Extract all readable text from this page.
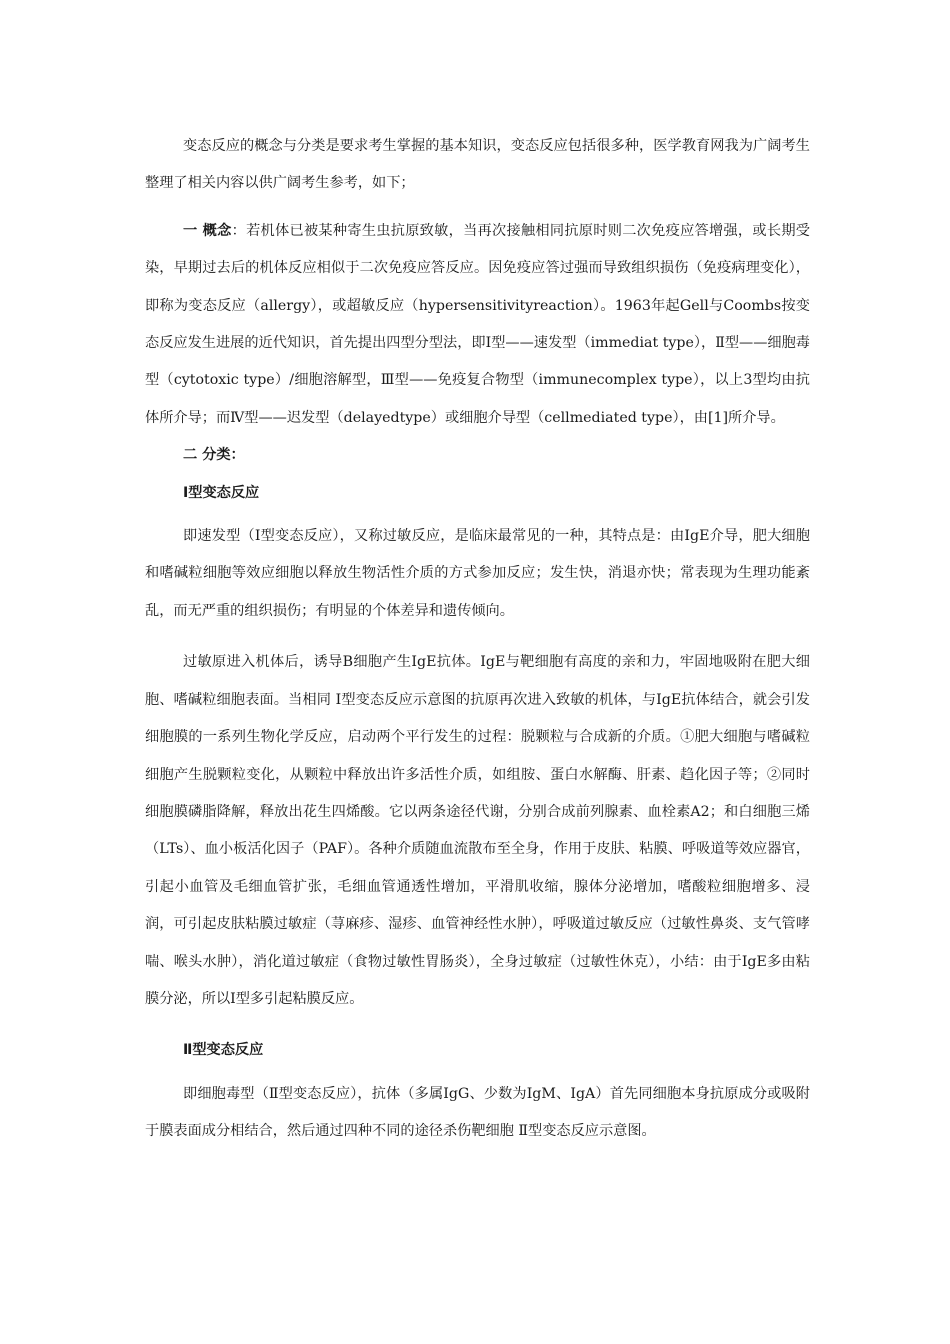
变态反应的概念与分类是要求考生掌握的基本知识，变态反应包括很多种，医学教育网我为广阔考生整理了相关内容以供广阔考生参考，如下；

一 概念：若机体已被某种寄生虫抗原致敏，当再次接触相同抗原时则二次免疫应答增强，或长期受染，早期过去后的机体反应相似于二次免疫应答反应。因免疫应答过强而导致组织损伤（免疫病理变化），即称为变态反应（allergy），或超敏反应（hypersensitivityreaction）。1963年起Gell与Coombs按变态反应发生进展的近代知识，首先提出四型分型法，即Ⅰ型——速发型（immediat type），Ⅱ型——细胞毒型（cytotoxic type）/细胞溶解型，Ⅲ型——免疫复合物型（immunecomplex type），以上3型均由抗体所介导；而Ⅳ型——迟发型（delayedtype）或细胞介导型（cellmediated type），由[1]所介导。

二 分类：

Ⅰ型变态反应

即速发型（Ⅰ型变态反应），又称过敏反应，是临床最常见的一种，其特点是：由IgE介导，肥大细胞和嗜碱粒细胞等效应细胞以释放生物活性介质的方式参加反应；发生快，消退亦快；常表现为生理功能紊乱，而无严重的组织损伤；有明显的个体差异和遗传倾向。

过敏原进入机体后，诱导B细胞产生IgE抗体。IgE与靶细胞有高度的亲和力，牢固地吸附在肥大细胞、嗜碱粒细胞表面。当相同 Ⅰ型变态反应示意图的抗原再次进入致敏的机体，与IgE抗体结合，就会引发细胞膜的一系列生物化学反应，启动两个平行发生的过程：脱颗粒与合成新的介质。①肥大细胞与嗜碱粒细胞产生脱颗粒变化，从颗粒中释放出许多活性介质，如组胺、蛋白水解酶、肝素、趋化因子等；②同时细胞膜磷脂降解，释放出花生四烯酸。它以两条途径代谢，分别合成前列腺素、血栓素A2；和白细胞三烯（LTs）、血小板活化因子（PAF）。各种介质随血流散布至全身，作用于皮肤、粘膜、呼吸道等效应器官，引起小血管及毛细血管扩张，毛细血管通透性增加，平滑肌收缩，腺体分泌增加，嗜酸粒细胞增多、浸润，可引起皮肤粘膜过敏症（荨麻疹、湿疹、血管神经性水肿），呼吸道过敏反应（过敏性鼻炎、支气管哮喘、喉头水肿），消化道过敏症（食物过敏性胃肠炎），全身过敏症（过敏性休克），小结：由于IgE多由粘膜分泌，所以Ⅰ型多引起粘膜反应。

Ⅱ型变态反应

即细胞毒型（Ⅱ型变态反应），抗体（多属IgG、少数为IgM、IgA）首先同细胞本身抗原成分或吸附于膜表面成分相结合，然后通过四种不同的途径杀伤靶细胞 Ⅱ型变态反应示意图。
